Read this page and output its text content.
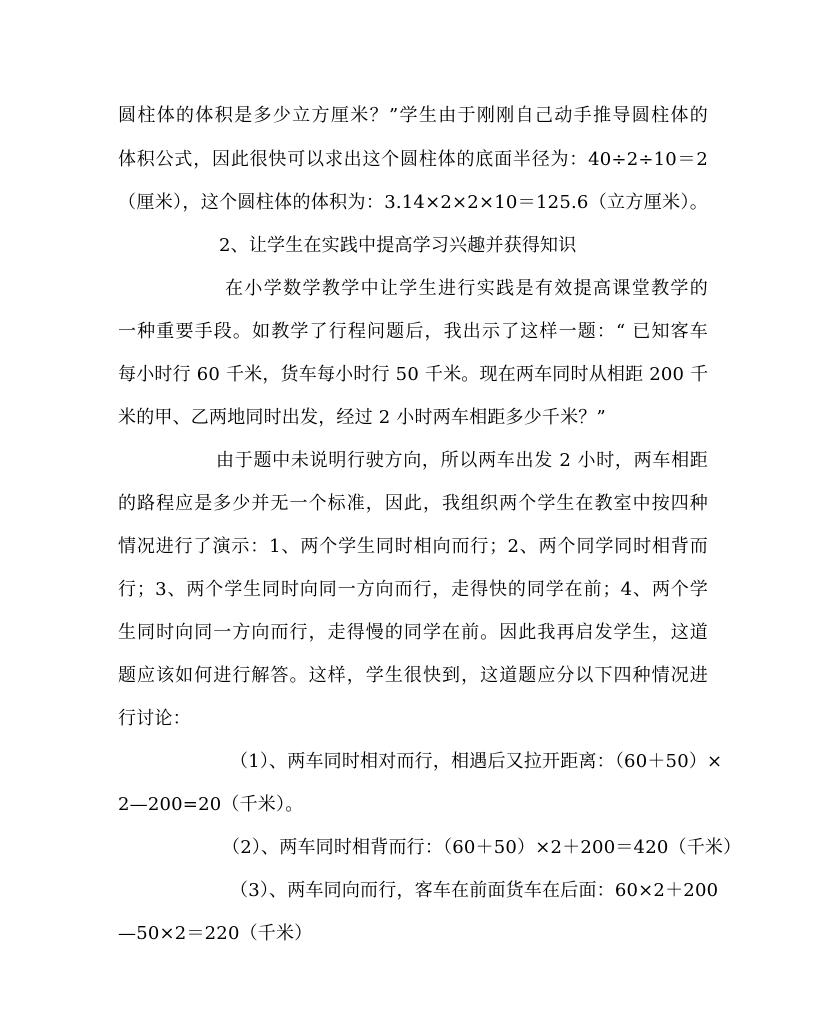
圆柱体的体积是多少立方厘米？”学生由于刚刚自己动手推导圆柱体的
体积公式，因此很快可以求出这个圆柱体的底面半径为：40÷2÷10＝2
（厘米），这个圆柱体的体积为：3.14×2×2×10＝125.6（立方厘米）。
2、让学生在实践中提高学习兴趣并获得知识
在小学数学教学中让学生进行实践是有效提高课堂教学的
一种重要手段。如教学了行程问题后，我出示了这样一题：“ 已知客车
每小时行 60 千米，货车每小时行 50 千米。现在两车同时从相距 200 千
米的甲、乙两地同时出发，经过 2 小时两车相距多少千米？”
由于题中未说明行驶方向，所以两车出发 2 小时，两车相距
的路程应是多少并无一个标准，因此，我组织两个学生在教室中按四种
情况进行了演示：1、两个学生同时相向而行；2、两个同学同时相背而
行；3、两个学生同时向同一方向而行，走得快的同学在前；4、两个学
生同时向同一方向而行，走得慢的同学在前。因此我再启发学生，这道
题应该如何进行解答。这样，学生很快到，这道题应分以下四种情况进
行讨论：
（1）、两车同时相对而行，相遇后又拉开距离：（60＋50）×
2—200=20（千米）。
（2）、两车同时相背而行：（60＋50）×2＋200＝420（千米）
（3）、两车同向而行，客车在前面货车在后面：60×2＋200
—50×2＝220（千米）
